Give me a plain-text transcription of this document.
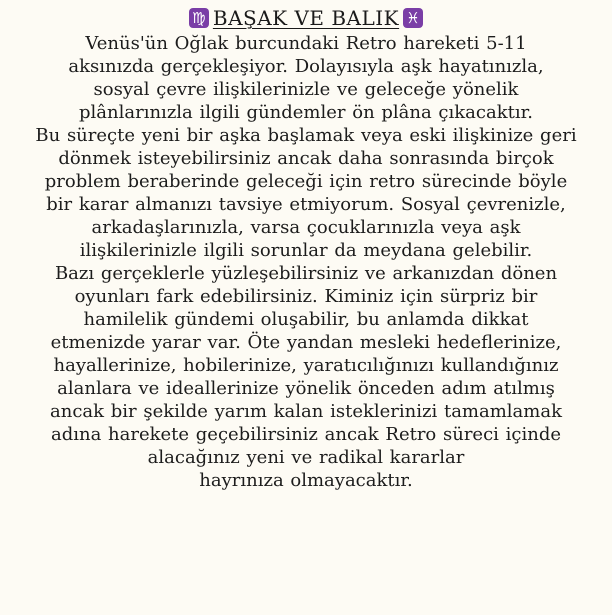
♍ BAŞAK VE BALIK ♓
Venüs'ün Oğlak burcundaki Retro hareketi 5-11
aksınızda gerçekleşiyor. Dolayısıyla aşk hayatınızla,
sosyal çevre ilişkilerinizle ve geleceğe yönelik
plânlarınızla ilgili gündemler ön plâna çıkacaktır.
Bu süreçte yeni bir aşka başlamak veya eski ilişkinize geri
dönmek isteyebilirsiniz ancak daha sonrasında birçok
problem beraberinde geleceği için retro sürecinde böyle
bir karar almanızı tavsiye etmiyorum. Sosyal çevrenizle,
arkadaşlarınızla, varsa çocuklarınızla veya aşk
ilişkilerinizle ilgili sorunlar da meydana gelebilir.
Bazı gerçeklerle yüzleşebilirsiniz ve arkanızdan dönen
oyunları fark edebilirsiniz. Kiminiz için sürpriz bir
hamilelik gündemi oluşabilir, bu anlamda dikkat
etmenizde yarar var. Öte yandan mesleki hedeflerinize,
hayallerinize, hobilerinize, yaratıcılığınızı kullandığınız
alanlara ve ideallerinize yönelik önceden adım atılmış
ancak bir şekilde yarım kalan isteklerinizi tamamlamak
adına harekete geçebilirsiniz ancak Retro süreci içinde
alacağınız yeni ve radikal kararlar
hayrınıza olmayacaktır.
